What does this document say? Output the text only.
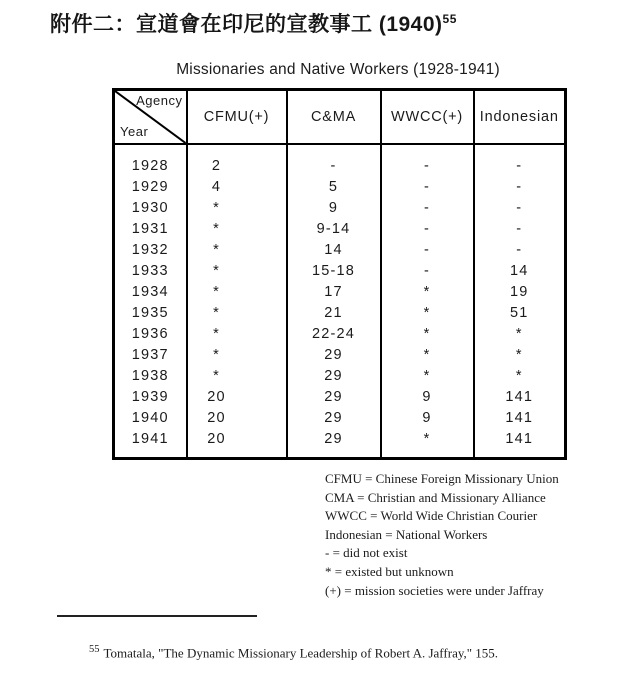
附件二：宣道會在印尼的宣教事工 (1940)$^{55}$
Missionaries and Native Workers (1928-1941)
Agency
Year	CFMU(+)	C&MA	WWCC(+)	Indonesian
1928	2	-	-	-
1929	4	5	-	-
1930	*	9	-	-
1931	*	9-14	-	-
1932	*	14	-	-
1933	*	15-18	-	14
1934	*	17	*	19
1935	*	21	*	51
1936	*	22-24	*	*
1937	*	29	*	*
1938	*	29	*	*
1939	20	29	9	141
1940	20	29	9	141
1941	20	29	*	141
CFMU = Chinese Foreign Missionary Union
CMA = Christian and Missionary Alliance
WWCC = World Wide Christian Courier
Indonesian = National Workers
- = did not exist
* = existed but unknown
(+) = mission societies were under Jaffray
$^{55}$ Tomatala, "The Dynamic Missionary Leadership of Robert A. Jaffray," 155.
